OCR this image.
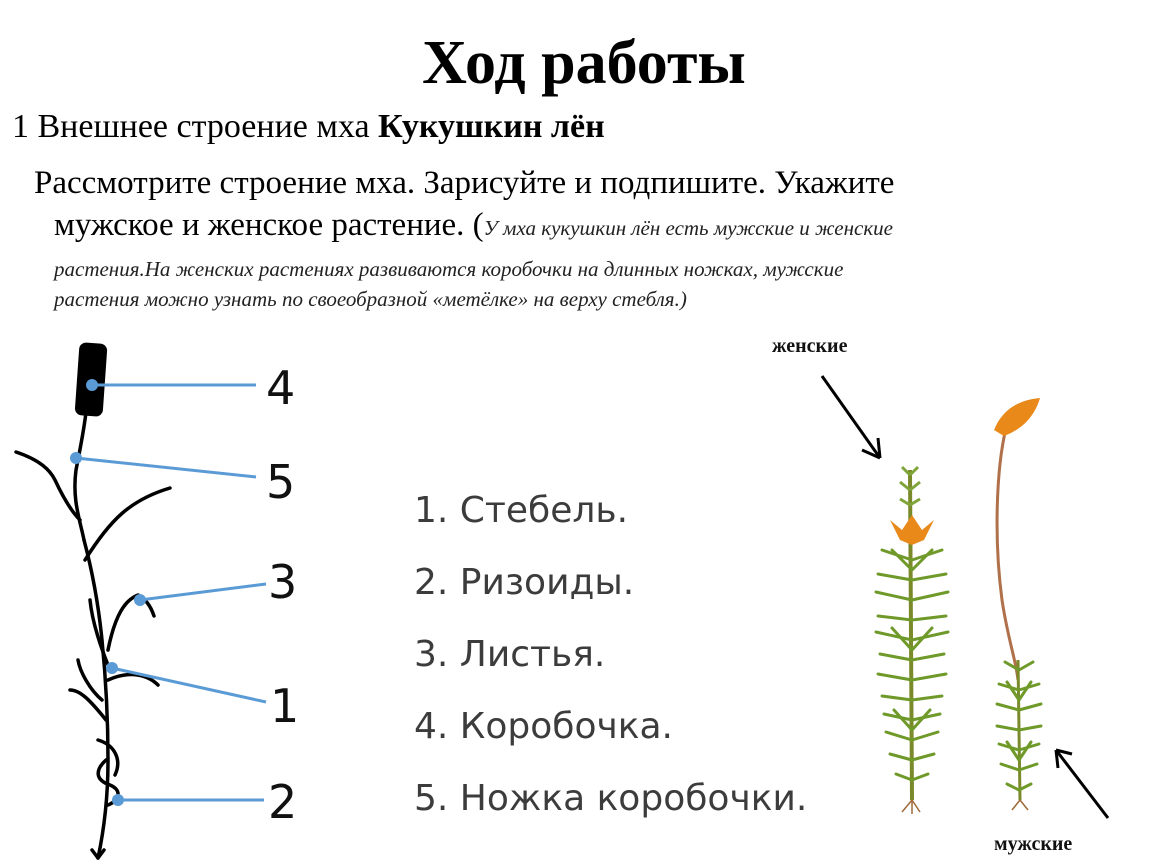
Ход работы
1 Внешнее строение мха Кукушкин лён
Рассмотрите строение мха. Зарисуйте и подпишите. Укажите
мужское и женское растение. (У мха кукушкин лён есть мужские и женские
растения.На женских растениях развиваются коробочки на длинных ножках, мужские
растения можно узнать по своеобразной «метёлке» на верху стебля.)
4
5
3
1
2
женские
мужские
1. Стебель.
2. Ризоиды.
3. Листья.
4. Коробочка.
5. Ножка коробочки.
